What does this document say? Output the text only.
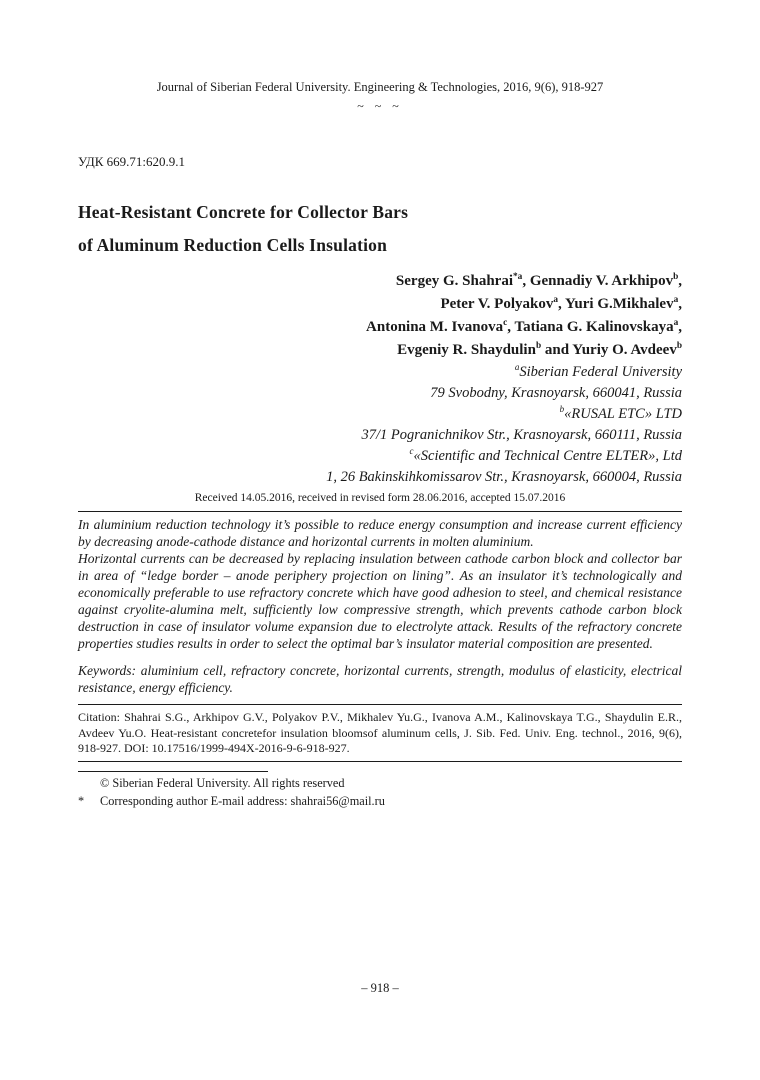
Journal of Siberian Federal University. Engineering & Technologies, 2016, 9(6), 918-927
~ ~ ~
УДК 669.71:620.9.1
Heat-Resistant Concrete for Collector Bars
of Aluminum Reduction Cells Insulation
Sergey G. Shahrai$^{*a}$, Gennadiy V. Arkhipov$^b$,
Peter V. Polyakov$^a$, Yuri G.Mikhalev$^a$,
Antonina M. Ivanova$^c$, Tatiana G. Kalinovskaya$^a$,
Evgeniy R. Shaydulin$^b$ and Yuriy O. Avdeev$^b$
$^a$Siberian Federal University
79 Svobodny, Krasnoyarsk, 660041, Russia
$^b$«RUSAL ETC» LTD
37/1 Pogranichnikov Str., Krasnoyarsk, 660111, Russia
$^c$«Scientific and Technical Centre ELTER», Ltd
1, 26 Bakinskihkomissarov Str., Krasnoyarsk, 660004, Russia
Received 14.05.2016, received in revised form 28.06.2016, accepted 15.07.2016

In aluminium reduction technology it’s possible to reduce energy consumption and increase current efficiency by decreasing anode-cathode distance and horizontal currents in molten aluminium.

Horizontal currents can be decreased by replacing insulation between cathode carbon block and collector bar in area of “ledge border – anode periphery projection on lining”. As an insulator it’s technologically and economically preferable to use refractory concrete which have good adhesion to steel, and chemical resistance against cryolite-alumina melt, sufficiently low compressive strength, which prevents cathode carbon block destruction in case of insulator volume expansion due to electrolyte attack. Results of the refractory concrete properties studies results in order to select the optimal bar’s insulator material composition are presented.

Keywords: aluminium cell, refractory concrete, horizontal currents, strength, modulus of elasticity, electrical resistance, energy efficiency.
Citation: Shahrai S.G., Arkhipov G.V., Polyakov P.V., Mikhalev Yu.G., Ivanova A.M., Kalinovskaya T.G., Shaydulin E.R., Avdeev Yu.O. Heat-resistant concretefor insulation bloomsof aluminum cells, J. Sib. Fed. Univ. Eng. technol., 2016, 9(6), 918-927. DOI: 10.17516/1999-494X-2016-9-6-918-927.
© Siberian Federal University. All rights reserved
*	Corresponding author E-mail address: shahrai56@mail.ru
– 918 –
